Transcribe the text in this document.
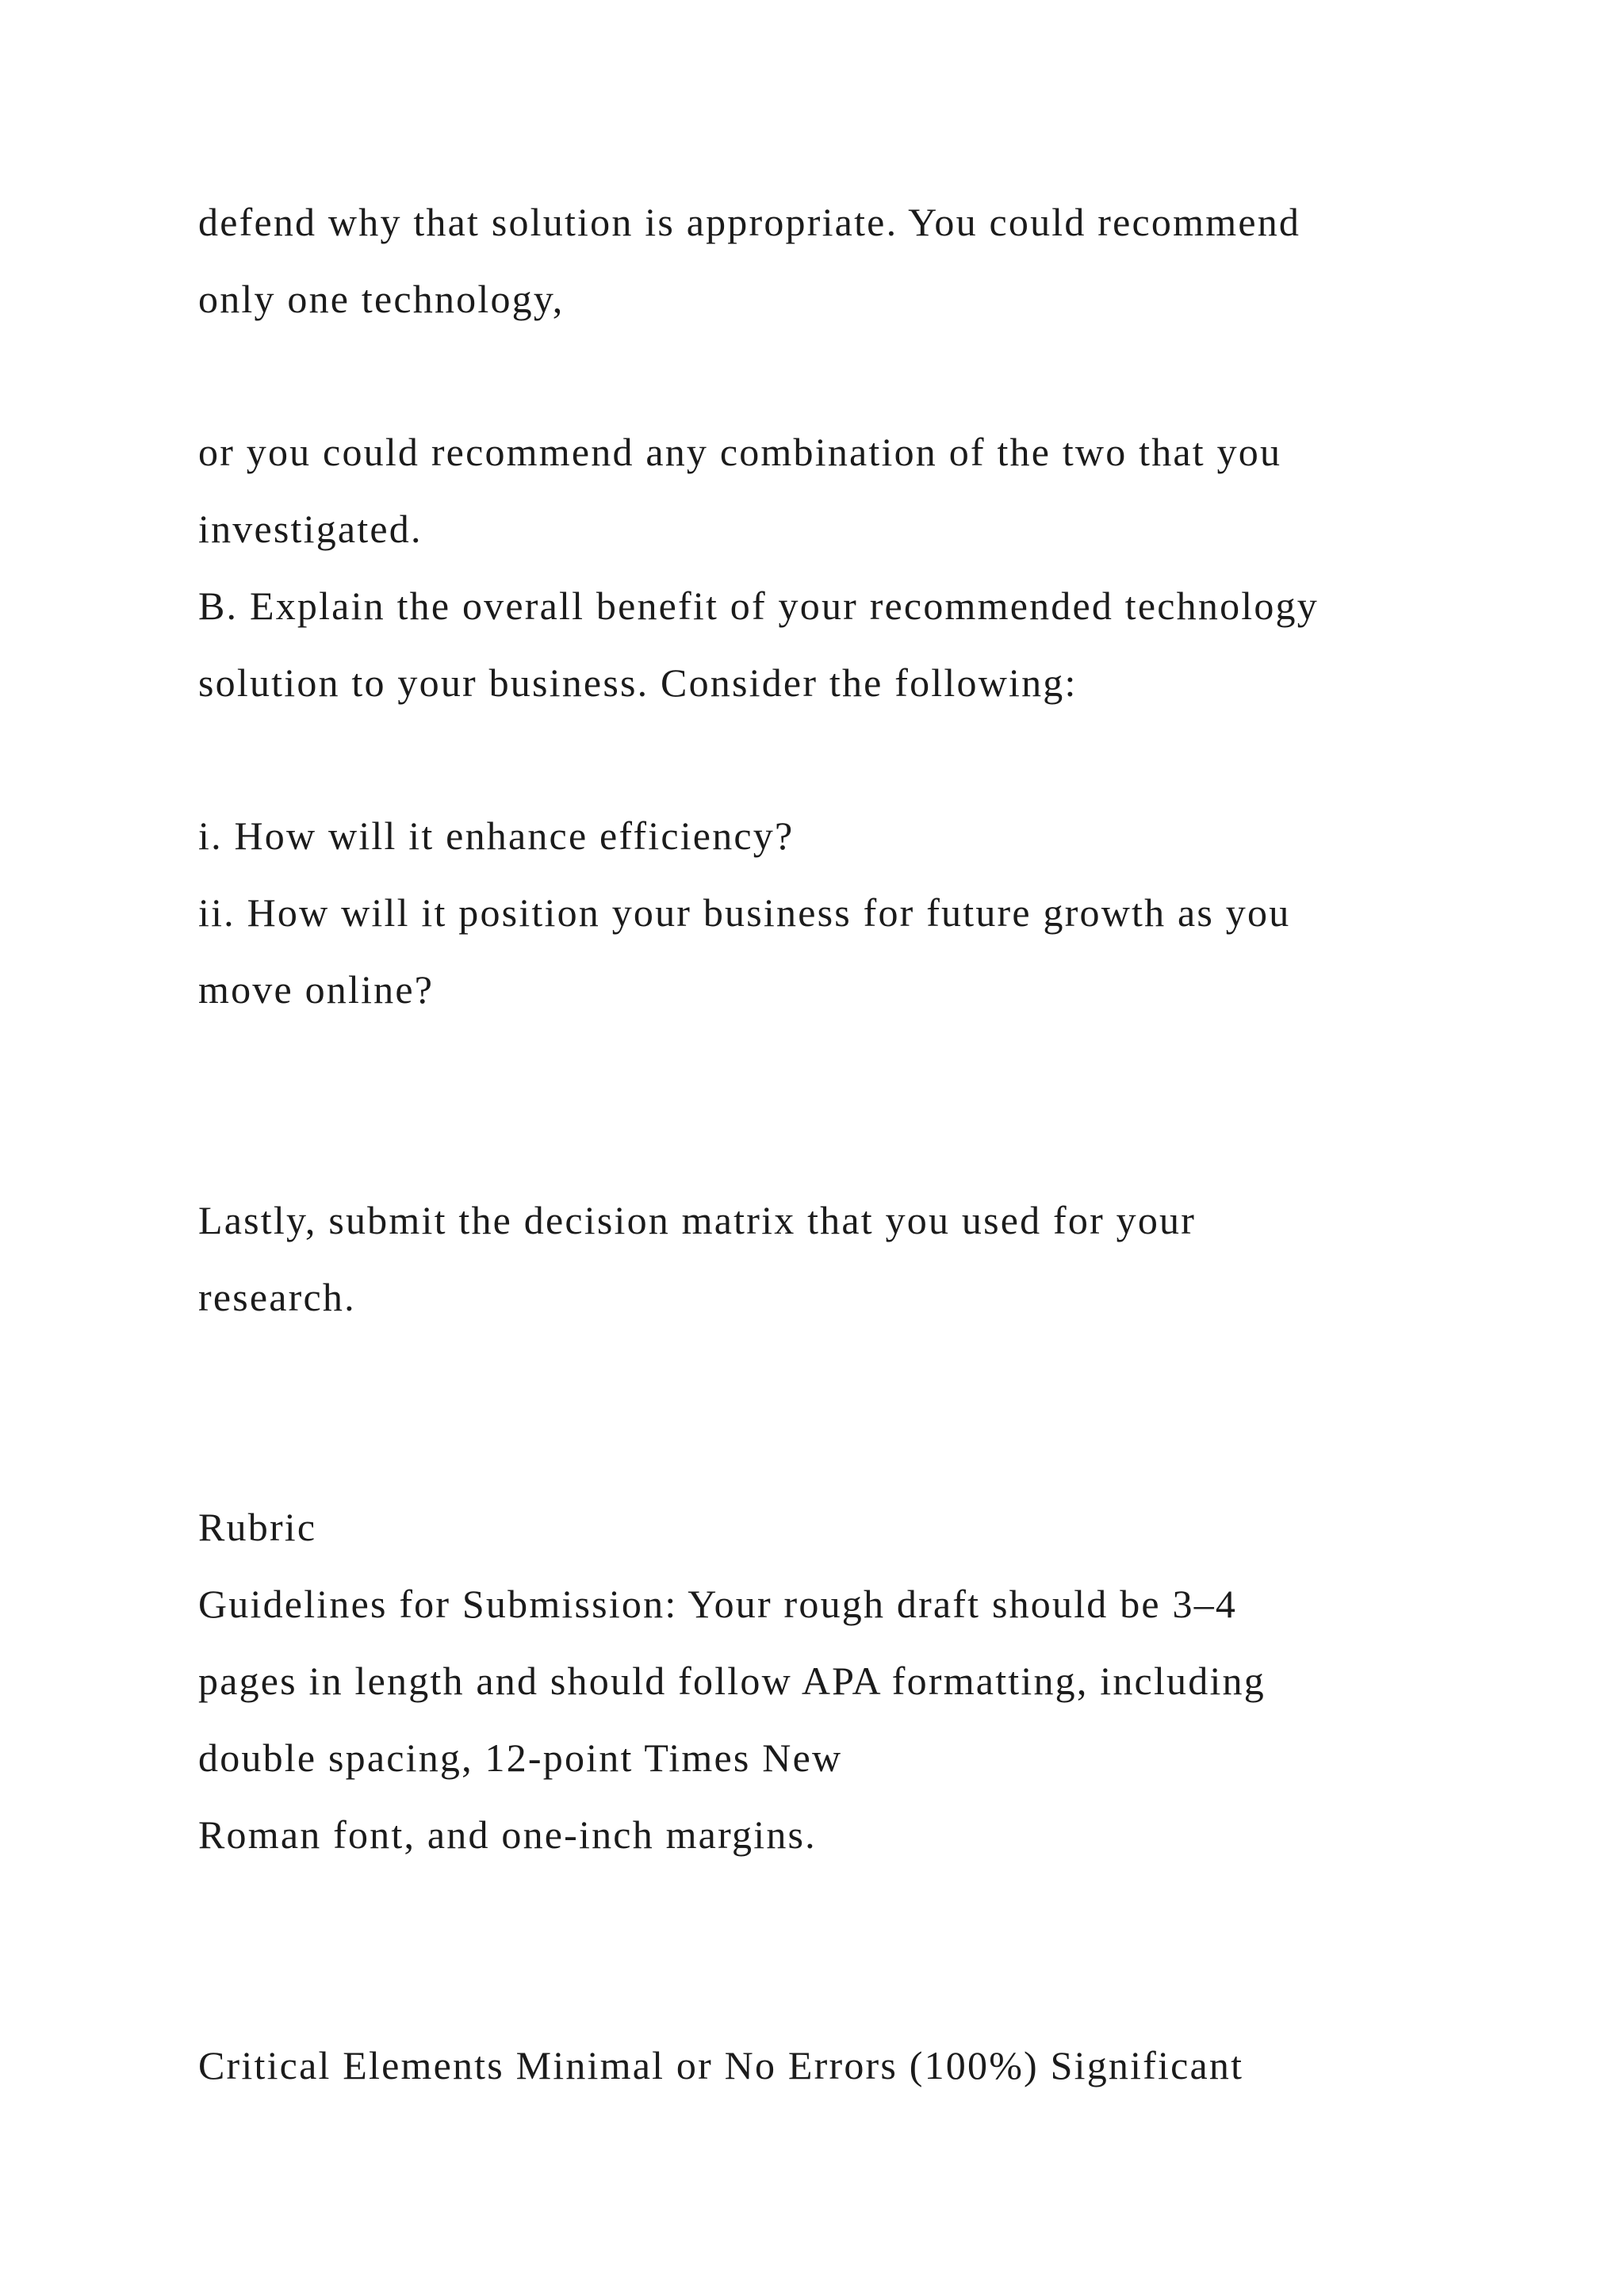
defend why that solution is appropriate. You could recommend
only one technology,
or you could recommend any combination of the two that you
investigated.
B. Explain the overall benefit of your recommended technology
solution to your business. Consider the following:
i. How will it enhance efficiency?
ii. How will it position your business for future growth as you
move online?
Lastly, submit the decision matrix that you used for your
research.
Rubric
Guidelines for Submission: Your rough draft should be 3–4
pages in length and should follow APA formatting, including
double spacing, 12-point Times New
Roman font, and one-inch margins.
Critical Elements Minimal or No Errors (100%) Significant
